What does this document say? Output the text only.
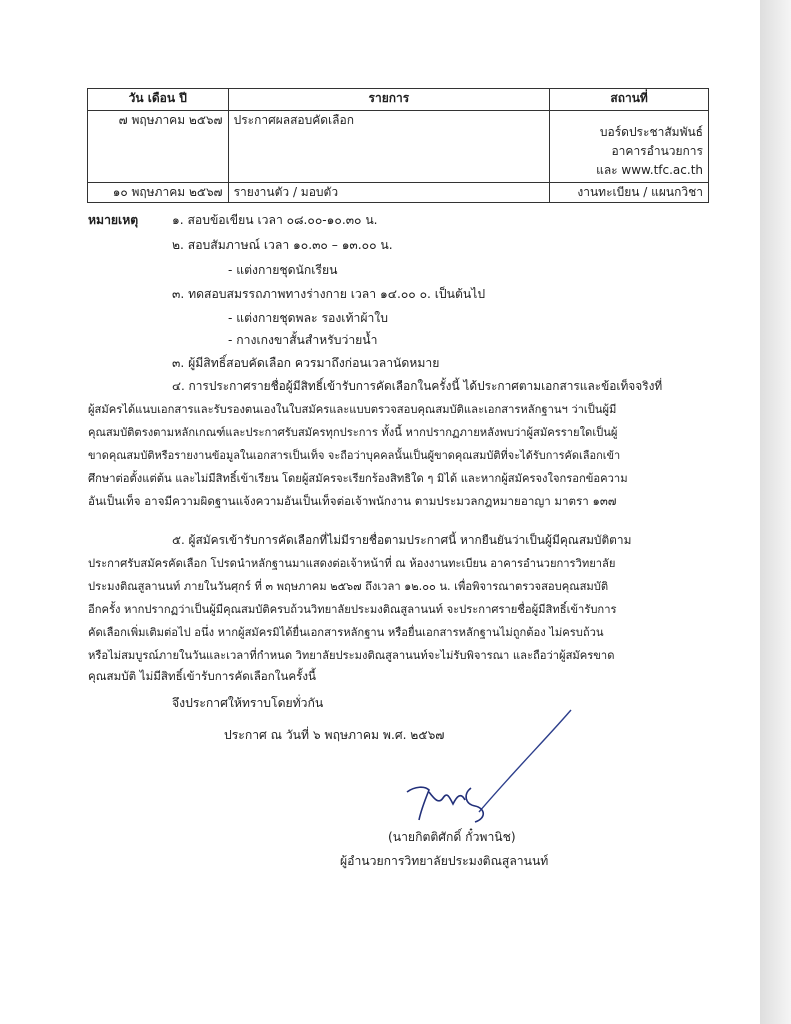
วัน เดือน ปี	รายการ	สถานที่
๗ พฤษภาคม ๒๕๖๗	ประกาศผลสอบคัดเลือก	บอร์ดประชาสัมพันธ์
อาคารอำนวยการ
และ www.tfc.ac.th

๑๐ พฤษภาคม ๒๕๖๗	รายงานตัว / มอบตัว	งานทะเบียน / แผนกวิชา
หมายเหตุ	๑. สอบข้อเขียน เวลา ๐๘.๐๐-๑๐.๓๐ น.
๒. สอบสัมภาษณ์ เวลา ๑๐.๓๐ – ๑๓.๐๐ น.
- แต่งกายชุดนักเรียน
๓. ทดสอบสมรรถภาพทางร่างกาย เวลา ๑๔.๐๐ ๐. เป็นต้นไป
- แต่งกายชุดพละ รองเท้าผ้าใบ
- กางเกงขาสั้นสำหรับว่ายน้ำ
๓. ผู้มีสิทธิ์สอบคัดเลือก ควรมาถึงก่อนเวลานัดหมาย
๔. การประกาศรายชื่อผู้มีสิทธิ์เข้ารับการคัดเลือกในครั้งนี้ ได้ประกาศตามเอกสารและข้อเท็จจริงที่
ผู้สมัครได้แนบเอกสารและรับรองตนเองในใบสมัครและแบบตรวจสอบคุณสมบัติและเอกสารหลักฐานฯ ว่าเป็นผู้มี
คุณสมบัติตรงตามหลักเกณฑ์และประกาศรับสมัครทุกประการ ทั้งนี้ หากปรากฏภายหลังพบว่าผู้สมัครรายใดเป็นผู้
ขาดคุณสมบัติหรือรายงานข้อมูลในเอกสารเป็นเท็จ จะถือว่าบุคคลนั้นเป็นผู้ขาดคุณสมบัติที่จะได้รับการคัดเลือกเข้า
ศึกษาต่อตั้งแต่ต้น และไม่มีสิทธิ์เข้าเรียน โดยผู้สมัครจะเรียกร้องสิทธิใด ๆ มิได้ และหากผู้สมัครจงใจกรอกข้อความ
อันเป็นเท็จ อาจมีความผิดฐานแจ้งความอันเป็นเท็จต่อเจ้าพนักงาน ตามประมวลกฎหมายอาญา มาตรา ๑๓๗
๕. ผู้สมัครเข้ารับการคัดเลือกที่ไม่มีรายชื่อตามประกาศนี้ หากยืนยันว่าเป็นผู้มีคุณสมบัติตาม
ประกาศรับสมัครคัดเลือก โปรดนำหลักฐานมาแสดงต่อเจ้าหน้าที่ ณ ห้องงานทะเบียน อาคารอำนวยการวิทยาลัย
ประมงติณสูลานนท์ ภายในวันศุกร์ ที่ ๓ พฤษภาคม ๒๕๖๗ ถึงเวลา ๑๒.๐๐ น. เพื่อพิจารณาตรวจสอบคุณสมบัติ
อีกครั้ง หากปรากฏว่าเป็นผู้มีคุณสมบัติครบถ้วนวิทยาลัยประมงติณสูลานนท์ จะประกาศรายชื่อผู้มีสิทธิ์เข้ารับการ
คัดเลือกเพิ่มเติมต่อไป อนึ่ง หากผู้สมัครมิได้ยื่นเอกสารหลักฐาน หรือยื่นเอกสารหลักฐานไม่ถูกต้อง ไม่ครบถ้วน
หรือไม่สมบูรณ์ภายในวันและเวลาที่กำหนด วิทยาลัยประมงติณสูลานนท์จะไม่รับพิจารณา และถือว่าผู้สมัครขาด
คุณสมบัติ ไม่มีสิทธิ์เข้ารับการคัดเลือกในครั้งนี้
จึงประกาศให้ทราบโดยทั่วกัน
ประกาศ ณ วันที่ ๖ พฤษภาคม พ.ศ. ๒๕๖๗
(นายกิตติศักดิ์ กั๋วพานิช)
ผู้อำนวยการวิทยาลัยประมงติณสูลานนท์
